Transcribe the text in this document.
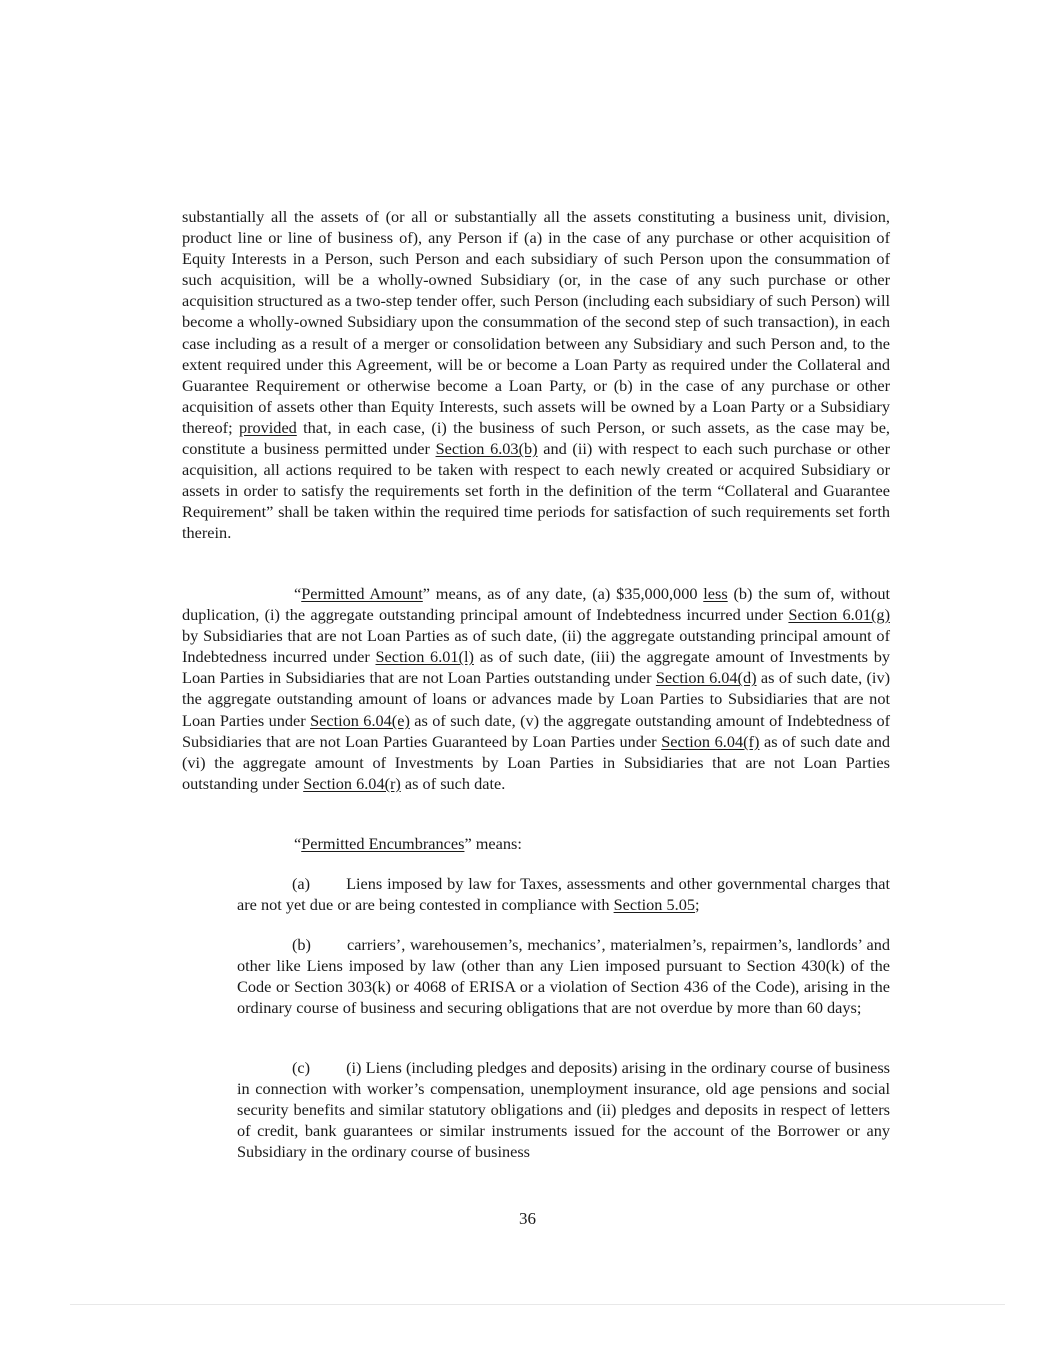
substantially all the assets of (or all or substantially all the assets constituting a business unit, division, product line or line of business of), any Person if (a) in the case of any purchase or other acquisition of Equity Interests in a Person, such Person and each subsidiary of such Person upon the consummation of such acquisition, will be a wholly-owned Subsidiary (or, in the case of any such purchase or other acquisition structured as a two-step tender offer, such Person (including each subsidiary of such Person) will become a wholly-owned Subsidiary upon the consummation of the second step of such transaction), in each case including as a result of a merger or consolidation between any Subsidiary and such Person and, to the extent required under this Agreement, will be or become a Loan Party as required under the Collateral and Guarantee Requirement or otherwise become a Loan Party, or (b) in the case of any purchase or other acquisition of assets other than Equity Interests, such assets will be owned by a Loan Party or a Subsidiary thereof; provided that, in each case, (i) the business of such Person, or such assets, as the case may be, constitute a business permitted under Section 6.03(b) and (ii) with respect to each such purchase or other acquisition, all actions required to be taken with respect to each newly created or acquired Subsidiary or assets in order to satisfy the requirements set forth in the definition of the term “Collateral and Guarantee Requirement” shall be taken within the required time periods for satisfaction of such requirements set forth therein.
“Permitted Amount” means, as of any date, (a) $35,000,000 less (b) the sum of, without duplication, (i) the aggregate outstanding principal amount of Indebtedness incurred under Section 6.01(g) by Subsidiaries that are not Loan Parties as of such date, (ii) the aggregate outstanding principal amount of Indebtedness incurred under Section 6.01(l) as of such date, (iii) the aggregate amount of Investments by Loan Parties in Subsidiaries that are not Loan Parties outstanding under Section 6.04(d) as of such date, (iv) the aggregate outstanding amount of loans or advances made by Loan Parties to Subsidiaries that are not Loan Parties under Section 6.04(e) as of such date, (v) the aggregate outstanding amount of Indebtedness of Subsidiaries that are not Loan Parties Guaranteed by Loan Parties under Section 6.04(f) as of such date and (vi) the aggregate amount of Investments by Loan Parties in Subsidiaries that are not Loan Parties outstanding under Section 6.04(r) as of such date.
“Permitted Encumbrances” means:
(a) Liens imposed by law for Taxes, assessments and other governmental charges that are not yet due or are being contested in compliance with Section 5.05;
(b) carriers’, warehousemen’s, mechanics’, materialmen’s, repairmen’s, landlords’ and other like Liens imposed by law (other than any Lien imposed pursuant to Section 430(k) of the Code or Section 303(k) or 4068 of ERISA or a violation of Section 436 of the Code), arising in the ordinary course of business and securing obligations that are not overdue by more than 60 days;
(c) (i) Liens (including pledges and deposits) arising in the ordinary course of business in connection with worker’s compensation, unemployment insurance, old age pensions and social security benefits and similar statutory obligations and (ii) pledges and deposits in respect of letters of credit, bank guarantees or similar instruments issued for the account of the Borrower or any Subsidiary in the ordinary course of business
36
